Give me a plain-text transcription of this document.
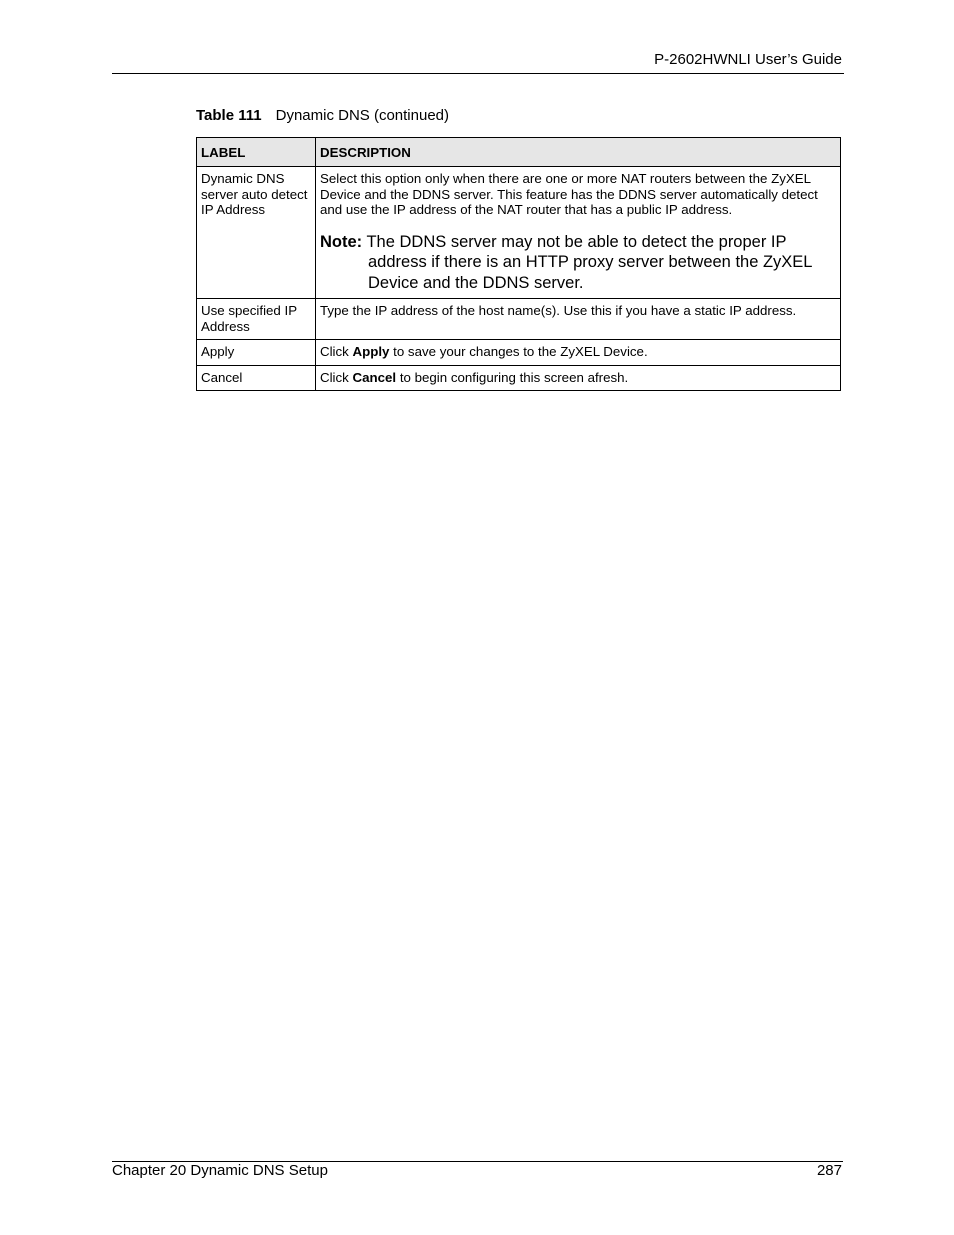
P-2602HWNLI User’s Guide
Table 111 Dynamic DNS (continued)
LABEL	DESCRIPTION
Dynamic DNS server auto detect IP Address	Select this option only when there are one or more NAT routers between the ZyXEL Device and the DDNS server. This feature has the DDNS server automatically detect and use the IP address of the NAT router that has a public IP address.
Note: The DDNS server may not be able to detect the proper IP address if there is an HTTP proxy server between the ZyXEL Device and the DDNS server.

Use specified IP Address	Type the IP address of the host name(s). Use this if you have a static IP address.
Apply	Click Apply to save your changes to the ZyXEL Device.
Cancel	Click Cancel to begin configuring this screen afresh.
Chapter 20 Dynamic DNS Setup	287
